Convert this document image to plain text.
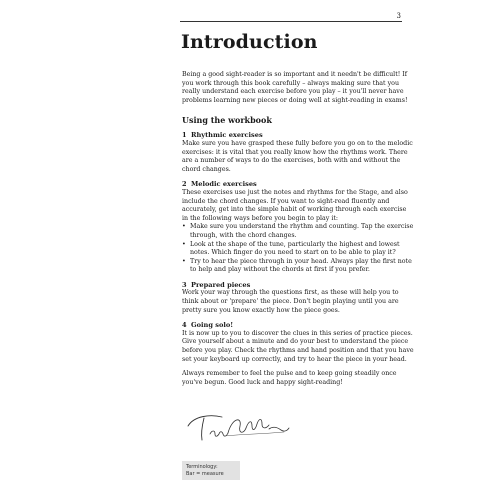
3
Introduction

Being a good sight-reader is so important and it needn't be difficult! If you work through this book carefully – always making sure that you really understand each exercise before you play – it you'll never have problems learning new pieces or doing well at sight-reading in exams!

Using the workbook
1 Rhythmic exercises

Make sure you have grasped these fully before you go on to the melodic exercises: it is vital that you really know how the rhythms work. There are a number of ways to do the exercises, both with and without the chord changes.

2 Melodic exercises

These exercises use just the notes and rhythms for the Stage, and also include the chord changes. If you want to sight-read fluently and accurately, get into the simple habit of working through each exercise in the following ways before you begin to play it:

• Make sure you understand the rhythm and counting. Tap the exercise through, with the chord changes.
• Look at the shape of the tune, particularly the highest and lowest notes. Which finger do you need to start on to be able to play it?
• Try to hear the piece through in your head. Always play the first note to help and play without the chords at first if you prefer.
3 Prepared pieces

Work your way through the questions first, as these will help you to think about or 'prepare' the piece. Don't begin playing until you are pretty sure you know exactly how the piece goes.

4 Going solo!

It is now up to you to discover the clues in this series of practice pieces. Give yourself about a minute and do your best to understand the piece before you play. Check the rhythms and hand position and that you have set your keyboard up correctly, and try to hear the piece in your head.

Always remember to feel the pulse and to keep going steadily once you've begun. Good luck and happy sight-reading!

Terminology:
Bar = measure
